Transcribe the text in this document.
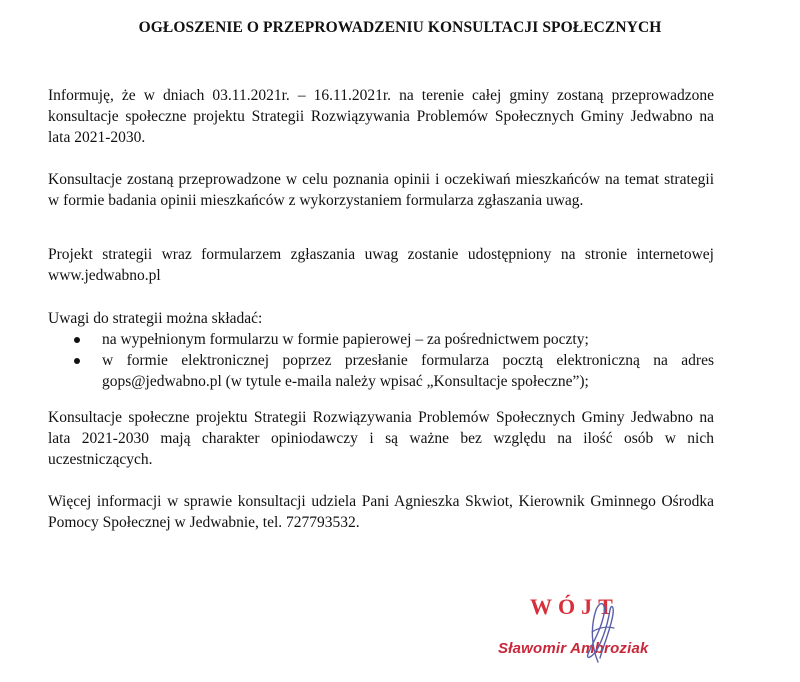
OGŁOSZENIE O PRZEPROWADZENIU KONSULTACJI SPOŁECZNYCH
Informuję, że w dniach 03.11.2021r. – 16.11.2021r. na terenie całej gminy zostaną przeprowadzone konsultacje społeczne projektu Strategii Rozwiązywania Problemów Społecznych Gminy Jedwabno na lata 2021-2030.
Konsultacje zostaną przeprowadzone w celu poznania opinii i oczekiwań mieszkańców na temat strategii w formie badania opinii mieszkańców z wykorzystaniem formularza zgłaszania uwag.
Projekt strategii wraz formularzem zgłaszania uwag zostanie udostępniony na stronie internetowej www.jedwabno.pl
Uwagi do strategii można składać:
na wypełnionym formularzu w formie papierowej – za pośrednictwem poczty;
w formie elektronicznej poprzez przesłanie formularza pocztą elektroniczną na adres gops@jedwabno.pl (w tytule e-maila należy wpisać „Konsultacje społeczne”);
Konsultacje społeczne projektu Strategii Rozwiązywania Problemów Społecznych Gminy Jedwabno na lata 2021-2030 mają charakter opiniodawczy i są ważne bez względu na ilość osób w nich uczestniczących.
Więcej informacji w sprawie konsultacji udziela Pani Agnieszka Skwiot, Kierownik Gminnego Ośrodka Pomocy Społecznej w Jedwabnie, tel. 727793532.
WÓJT
Sławomir Ambroziak
